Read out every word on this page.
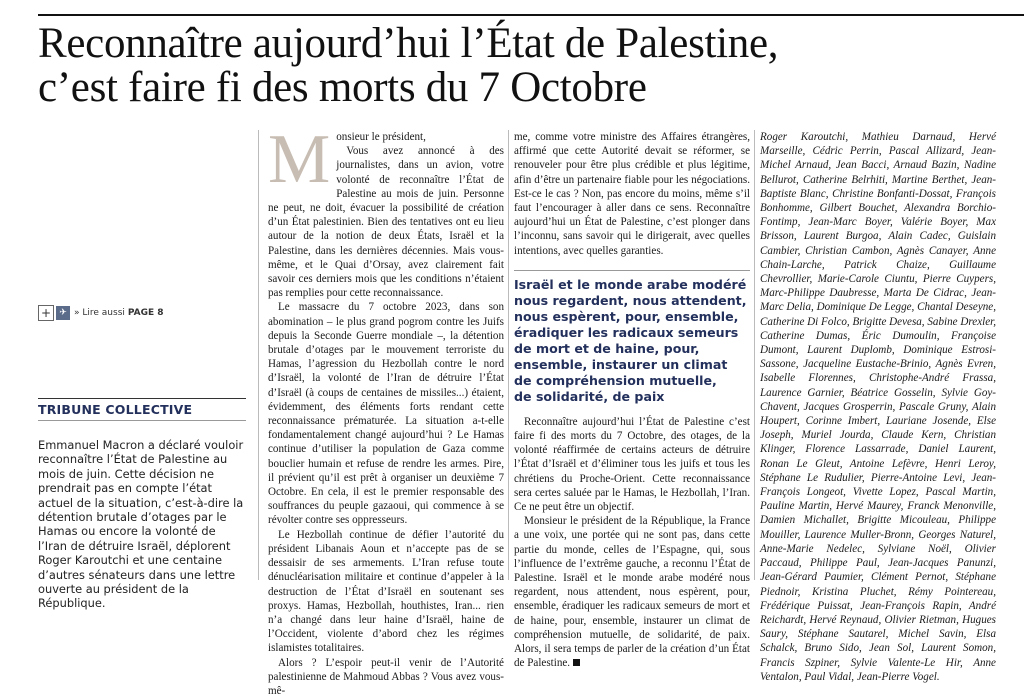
Reconnaître aujourd’hui l’État de Palestine,
c’est faire fi des morts du 7 Octobre
+ ✈ » Lire aussi PAGE 8
TRIBUNE COLLECTIVE

Emmanuel Macron a déclaré vouloir reconnaître l’État de Palestine au mois de juin. Cette décision ne prendrait pas en compte l’état actuel de la situation, c’est-à-dire la détention brutale d’otages par le Hamas ou encore la volonté de l’Iran de détruire Israël, déplorent Roger Karoutchi et une centaine d’autres sénateurs dans une lettre ouverte au président de la République.

M onsieur le président,

Vous avez annoncé à des journalistes, dans un avion, votre volonté de reconnaître l’État de Palestine au mois de juin. Personne ne peut, ne doit, évacuer la possibilité de création d’un État palestinien. Bien des tentatives ont eu lieu autour de la notion de deux États, Israël et la Palestine, dans les dernières décennies. Mais vous-même, et le Quai d’Orsay, avez clairement fait savoir ces derniers mois que les conditions n’étaient pas remplies pour cette reconnaissance.

Le massacre du 7 octobre 2023, dans son abomination – le plus grand pogrom contre les Juifs depuis la Seconde Guerre mondiale –, la détention brutale d’otages par le mouvement terroriste du Hamas, l’agression du Hezbollah contre le nord d’Israël, la volonté de l’Iran de détruire l’État d’Israël (à coups de centaines de missiles...) étaient, évidemment, des éléments forts rendant cette reconnaissance prématurée. La situation a-t-elle fondamentalement changé aujourd’hui ? Le Hamas continue d’utiliser la population de Gaza comme bouclier humain et refuse de rendre les armes. Pire, il prévient qu’il est prêt à organiser un deuxième 7 Octobre. En cela, il est le premier responsable des souffrances du peuple gazaoui, qui commence à se révolter contre ses oppresseurs.

Le Hezbollah continue de défier l’autorité du président Libanais Aoun et n’accepte pas de se dessaisir de ses armements. L’Iran refuse toute dénucléarisation militaire et continue d’appeler à la destruction de l’État d’Israël en soutenant ses proxys. Hamas, Hezbollah, houthistes, Iran... rien n’a changé dans leur haine d’Israël, haine de l’Occident, violente d’abord chez les régimes islamistes totalitaires.

Alors ? L’espoir peut-il venir de l’Autorité palestinienne de Mahmoud Abbas ? Vous avez vous-mê-

me, comme votre ministre des Affaires étrangères, affirmé que cette Autorité devait se réformer, se renouveler pour être plus crédible et plus légitime, afin d’être un partenaire fiable pour les négociations. Est-ce le cas ? Non, pas encore du moins, même s’il faut l’encourager à aller dans ce sens. Reconnaître aujourd’hui un État de Palestine, c’est plonger dans l’inconnu, sans savoir qui le dirigerait, avec quelles intentions, avec quelles garanties.

Israël et le monde arabe modéré
nous regardent, nous attendent,
nous espèrent, pour, ensemble,
éradiquer les radicaux semeurs
de mort et de haine, pour,
ensemble, instaurer un climat
de compréhension mutuelle,
de solidarité, de paix

Reconnaître aujourd’hui l’État de Palestine c’est faire fi des morts du 7 Octobre, des otages, de la volonté réaffirmée de certains acteurs de détruire l’État d’Israël et d’éliminer tous les juifs et tous les chrétiens du Proche-Orient. Cette reconnaissance sera certes saluée par le Hamas, le Hezbollah, l’Iran. Ce ne peut être un objectif.

Monsieur le président de la République, la France a une voix, une portée qui ne sont pas, dans cette partie du monde, celles de l’Espagne, qui, sous l’influence de l’extrême gauche, a reconnu l’État de Palestine. Israël et le monde arabe modéré nous regardent, nous attendent, nous espèrent, pour, ensemble, éradiquer les radicaux semeurs de mort et de haine, pour, ensemble, instaurer un climat de compréhension mutuelle, de solidarité, de paix. Alors, il sera temps de parler de la création d’un État de Palestine.

Roger Karoutchi, Mathieu Darnaud, Hervé Marseille, Cédric Perrin, Pascal Allizard, Jean-Michel Arnaud, Jean Bacci, Arnaud Bazin, Nadine Bellurot, Catherine Belrhiti, Martine Berthet, Jean-Baptiste Blanc, Christine Bonfanti-Dossat, François Bonhomme, Gilbert Bouchet, Alexandra Borchio-Fontimp, Jean-Marc Boyer, Valérie Boyer, Max Brisson, Laurent Burgoa, Alain Cadec, Guislain Cambier, Christian Cambon, Agnès Canayer, Anne Chain-Larche, Patrick Chaize, Guillaume Chevrollier, Marie-Carole Ciuntu, Pierre Cuypers, Marc-Philippe Daubresse, Marta De Cidrac, Jean-Marc Delia, Dominique De Legge, Chantal Deseyne, Catherine Di Folco, Brigitte Devesa, Sabine Drexler, Catherine Dumas, Éric Dumoulin, Françoise Dumont, Laurent Duplomb, Dominique Estrosi-Sassone, Jacqueline Eustache-Brinio, Agnès Evren, Isabelle Florennes, Christophe-André Frassa, Laurence Garnier, Béatrice Gosselin, Sylvie Goy-Chavent, Jacques Grosperrin, Pascale Gruny, Alain Houpert, Corinne Imbert, Lauriane Josende, Else Joseph, Muriel Jourda, Claude Kern, Christian Klinger, Florence Lassarrade, Daniel Laurent, Ronan Le Gleut, Antoine Lefèvre, Henri Leroy, Stéphane Le Rudulier, Pierre-Antoine Levi, Jean-François Longeot, Vivette Lopez, Pascal Martin, Pauline Martin, Hervé Maurey, Franck Menonville, Damien Michallet, Brigitte Micouleau, Philippe Mouiller, Laurence Muller-Bronn, Georges Naturel, Anne-Marie Nedelec, Sylviane Noël, Olivier Paccaud, Philippe Paul, Jean-Jacques Panunzi, Jean-Gérard Paumier, Clément Pernot, Stéphane Piednoir, Kristina Pluchet, Rémy Pointereau, Frédérique Puissat, Jean-François Rapin, André Reichardt, Hervé Reynaud, Olivier Rietman, Hugues Saury, Stéphane Sautarel, Michel Savin, Elsa Schalck, Bruno Sido, Jean Sol, Laurent Somon, Francis Szpiner, Sylvie Valente-Le Hir, Anne Ventalon, Paul Vidal, Jean-Pierre Vogel.
